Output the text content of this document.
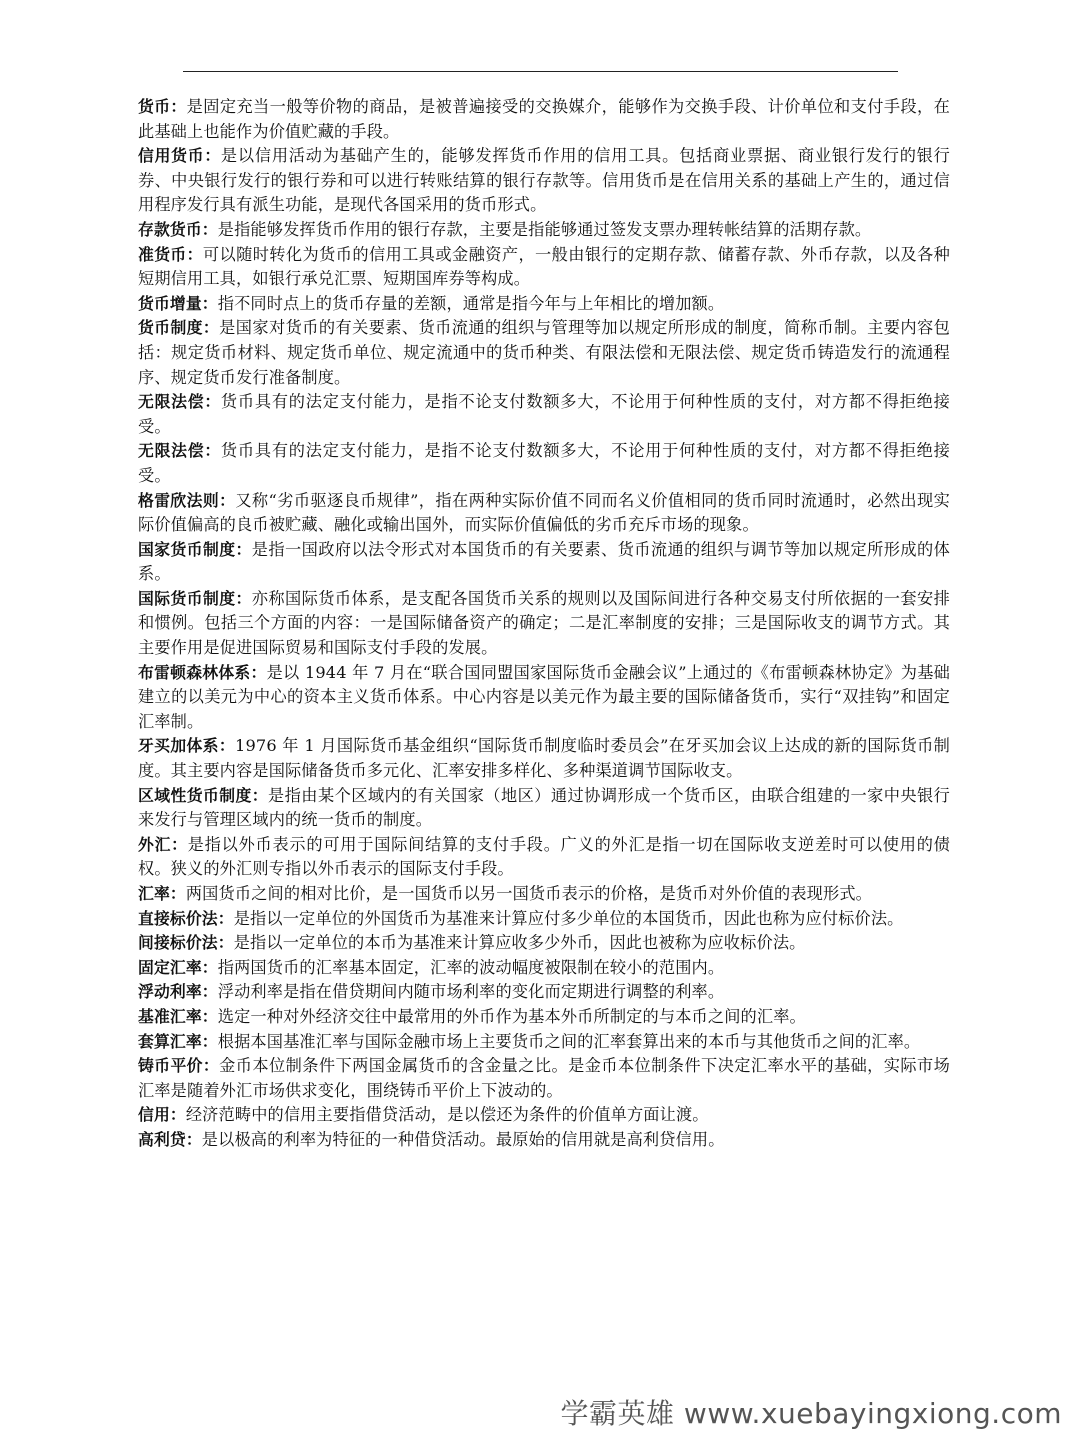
货币：是固定充当一般等价物的商品，是被普遍接受的交换媒介，能够作为交换手段、计价单位和支付手段，在此基础上也能作为价值贮藏的手段。

信用货币：是以信用活动为基础产生的，能够发挥货币作用的信用工具。包括商业票据、商业银行发行的银行券、中央银行发行的银行券和可以进行转账结算的银行存款等。信用货币是在信用关系的基础上产生的，通过信用程序发行具有派生功能，是现代各国采用的货币形式。

存款货币：是指能够发挥货币作用的银行存款，主要是指能够通过签发支票办理转帐结算的活期存款。

准货币：可以随时转化为货币的信用工具或金融资产，一般由银行的定期存款、储蓄存款、外币存款，以及各种短期信用工具，如银行承兑汇票、短期国库券等构成。

货币增量：指不同时点上的货币存量的差额，通常是指今年与上年相比的增加额。

货币制度：是国家对货币的有关要素、货币流通的组织与管理等加以规定所形成的制度，简称币制。主要内容包括：规定货币材料、规定货币单位、规定流通中的货币种类、有限法偿和无限法偿、规定货币铸造发行的流通程序、规定货币发行准备制度。

无限法偿：货币具有的法定支付能力，是指不论支付数额多大，不论用于何种性质的支付，对方都不得拒绝接受。

无限法偿：货币具有的法定支付能力，是指不论支付数额多大，不论用于何种性质的支付，对方都不得拒绝接受。

格雷欣法则：又称“劣币驱逐良币规律”，指在两种实际价值不同而名义价值相同的货币同时流通时，必然出现实际价值偏高的良币被贮藏、融化或输出国外，而实际价值偏低的劣币充斥市场的现象。

国家货币制度：是指一国政府以法令形式对本国货币的有关要素、货币流通的组织与调节等加以规定所形成的体系。

国际货币制度：亦称国际货币体系，是支配各国货币关系的规则以及国际间进行各种交易支付所依据的一套安排和惯例。包括三个方面的内容：一是国际储备资产的确定；二是汇率制度的安排；三是国际收支的调节方式。其主要作用是促进国际贸易和国际支付手段的发展。

布雷顿森林体系：是以 1944 年 7 月在“联合国同盟国家国际货币金融会议”上通过的《布雷顿森林协定》为基础建立的以美元为中心的资本主义货币体系。中心内容是以美元作为最主要的国际储备货币，实行“双挂钩”和固定汇率制。

牙买加体系：1976 年 1 月国际货币基金组织“国际货币制度临时委员会”在牙买加会议上达成的新的国际货币制度。其主要内容是国际储备货币多元化、汇率安排多样化、多种渠道调节国际收支。

区域性货币制度：是指由某个区域内的有关国家（地区）通过协调形成一个货币区，由联合组建的一家中央银行来发行与管理区域内的统一货币的制度。

外汇：是指以外币表示的可用于国际间结算的支付手段。广义的外汇是指一切在国际收支逆差时可以使用的债权。狭义的外汇则专指以外币表示的国际支付手段。

汇率：两国货币之间的相对比价，是一国货币以另一国货币表示的价格，是货币对外价值的表现形式。

直接标价法：是指以一定单位的外国货币为基准来计算应付多少单位的本国货币，因此也称为应付标价法。

间接标价法：是指以一定单位的本币为基准来计算应收多少外币，因此也被称为应收标价法。

固定汇率：指两国货币的汇率基本固定，汇率的波动幅度被限制在较小的范围内。

浮动利率：浮动利率是指在借贷期间内随市场利率的变化而定期进行调整的利率。

基准汇率：选定一种对外经济交往中最常用的外币作为基本外币所制定的与本币之间的汇率。

套算汇率：根据本国基准汇率与国际金融市场上主要货币之间的汇率套算出来的本币与其他货币之间的汇率。

铸币平价：金币本位制条件下两国金属货币的含金量之比。是金币本位制条件下决定汇率水平的基础，实际市场汇率是随着外汇市场供求变化，围绕铸币平价上下波动的。

信用：经济范畴中的信用主要指借贷活动，是以偿还为条件的价值单方面让渡。

高利贷：是以极高的利率为特征的一种借贷活动。最原始的信用就是高利贷信用。

学霸英雄 www.xuebayingxiong.com
